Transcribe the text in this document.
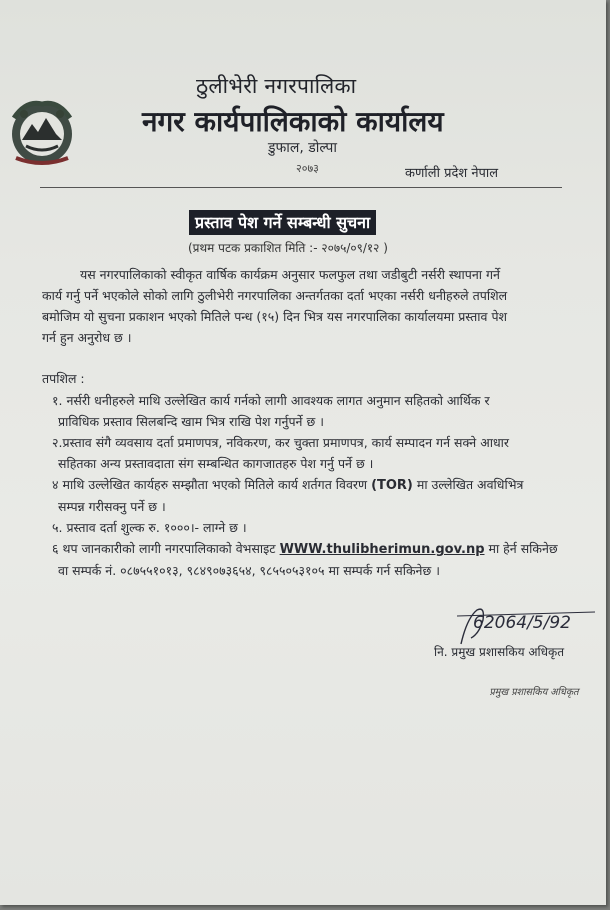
ठुलीभेरी नगरपालिका
नगर कार्यपालिकाको कार्यालय
डुफाल, डोल्पा
२०७३	कर्णाली प्रदेश नेपाल
प्रस्ताव पेश गर्ने सम्बन्धी सुचना
(प्रथम पटक प्रकाशित मिति :- २०७५/०९/१२ )

यस नगरपालिकाको स्वीकृत वार्षिक कार्यक्रम अनुसार फलफुल तथा जडीबुटी नर्सरी स्थापना गर्ने

कार्य गर्नु पर्ने भएकोले सोको लागि ठुलीभेरी नगरपालिका अन्तर्गतका दर्ता भएका नर्सरी धनीहरुले तपशिल

बमोजिम यो सुचना प्रकाशन भएको मितिले पन्ध (१५) दिन भित्र यस नगरपालिका कार्यालयमा प्रस्ताव पेश

गर्न हुन अनुरोध छ ।

तपशिल :

१. नर्सरी धनीहरुले माथि उल्लेखित कार्य गर्नको लागी आवश्यक लागत अनुमान सहितको आर्थिक र

प्राविधिक प्रस्ताव सिलबन्दि खाम भित्र राखि पेश गर्नुपर्ने छ ।

२.प्रस्ताव संगै व्यवसाय दर्ता प्रमाणपत्र, नविकरण, कर चुक्ता प्रमाणपत्र, कार्य सम्पादन गर्न सक्ने आधार

सहितका अन्य प्रस्तावदाता संग सम्बन्धित कागजातहरु पेश गर्नु पर्ने छ ।

४ माथि उल्लेखित कार्यहरु सम्झौता भएको मितिले कार्य शर्तगत विवरण (TOR) मा उल्लेखित अवधिभित्र

सम्पन्न गरीसक्नु पर्ने छ ।

५. प्रस्ताव दर्ता शुल्क रु. १०००।- लाग्ने छ ।

६ थप जानकारीको लागी नगरपालिकाको वेभसाइट WWW.thulibherimun.gov.np मा हेर्न सकिनेछ

वा सम्पर्क नं. ०८७५५१०१३, ९८४९०७३६५४, ९८५५०५३१०५ मा सम्पर्क गर्न सकिनेछ ।

62064/5/92
नि. प्रमुख प्रशासकिय अधिकृत
प्रमुख प्रशासकिय अधिकृत
